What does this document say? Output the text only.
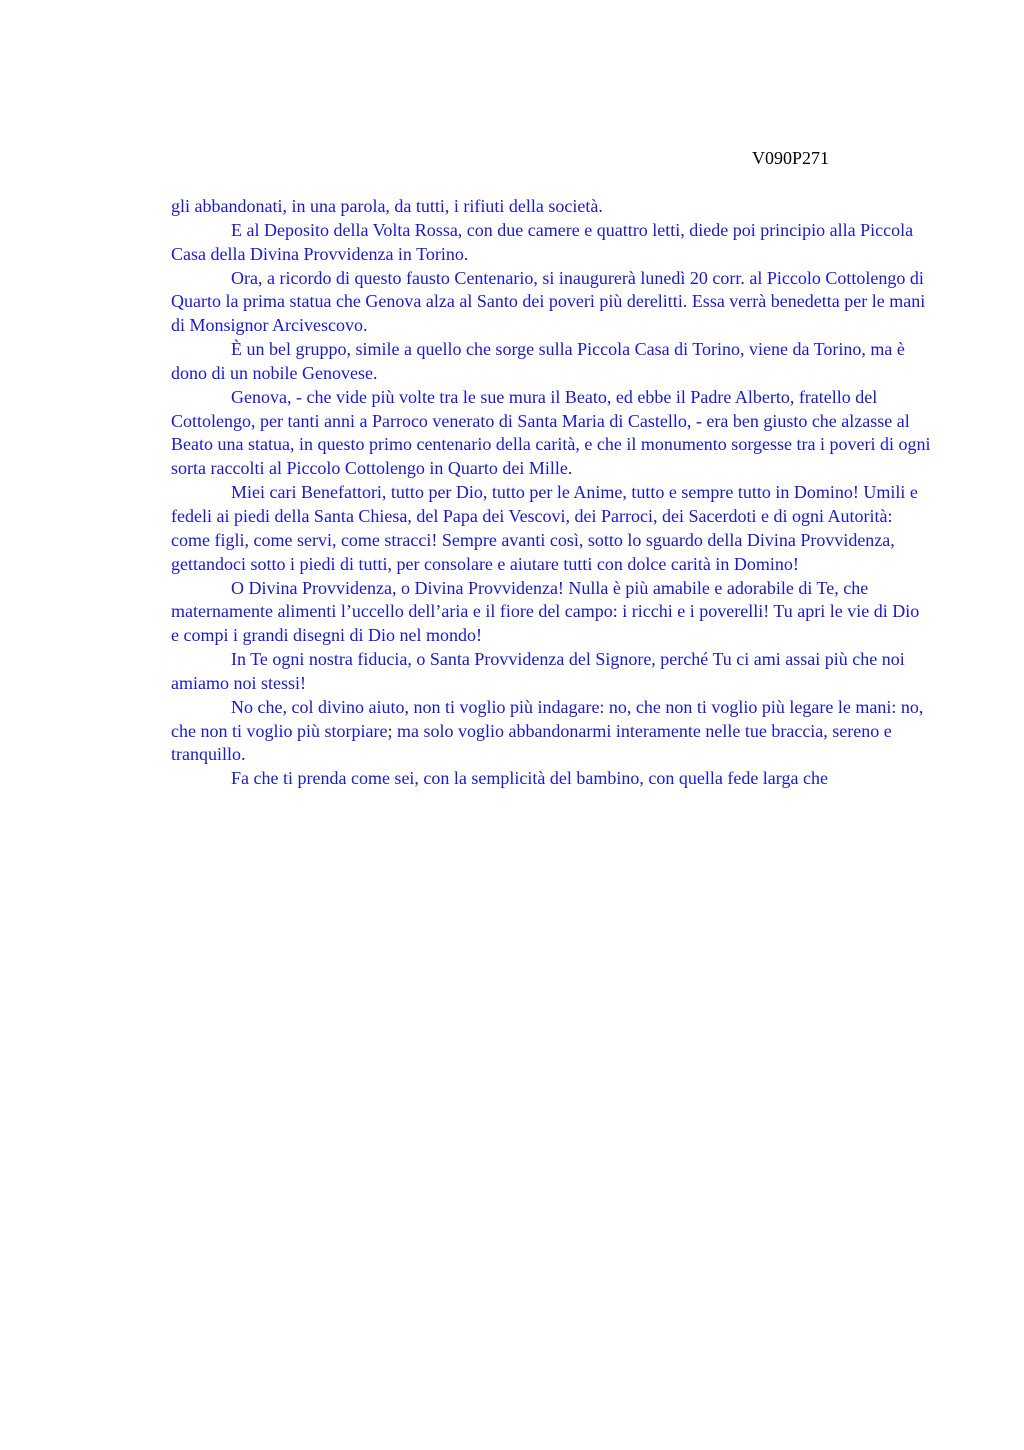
V090P271

gli abbandonati, in una parola, da tutti, i rifiuti della società.

E al Deposito della Volta Rossa, con due camere e quattro letti, diede poi principio alla Piccola Casa della Divina Provvidenza in Torino.

Ora, a ricordo di questo fausto Centenario, si inaugurerà lunedì 20 corr. al Piccolo Cottolengo di Quarto la prima statua che Genova alza al Santo dei poveri più derelitti. Essa verrà benedetta per le mani di Monsignor Arcivescovo.

È un bel gruppo, simile a quello che sorge sulla Piccola Casa di Torino, viene da Torino, ma è dono di un nobile Genovese.

Genova, - che vide più volte tra le sue mura il Beato, ed ebbe il Padre Alberto, fratello del Cottolengo, per tanti anni a Parroco venerato di Santa Maria di Castello, - era ben giusto che alzasse al Beato una statua, in questo primo centenario della carità, e che il monumento sorgesse tra i poveri di ogni sorta raccolti al Piccolo Cottolengo in Quarto dei Mille.

Miei cari Benefattori, tutto per Dio, tutto per le Anime, tutto e sempre tutto in Domino! Umili e fedeli ai piedi della Santa Chiesa, del Papa dei Vescovi, dei Parroci, dei Sacerdoti e di ogni Autorità: come figli, come servi, come stracci! Sempre avanti così, sotto lo sguardo della Divina Provvidenza, gettandoci sotto i piedi di tutti, per consolare e aiutare tutti con dolce carità in Domino!

O Divina Provvidenza, o Divina Provvidenza! Nulla è più amabile e adorabile di Te, che maternamente alimenti l’uccello dell’aria e il fiore del campo: i ricchi e i poverelli! Tu apri le vie di Dio e compi i grandi disegni di Dio nel mondo!

In Te ogni nostra fiducia, o Santa Provvidenza del Signore, perché Tu ci ami assai più che noi amiamo noi stessi!

No che, col divino aiuto, non ti voglio più indagare: no, che non ti voglio più legare le mani: no, che non ti voglio più storpiare; ma solo voglio abbandonarmi interamente nelle tue braccia, sereno e tranquillo.

Fa che ti prenda come sei, con la semplicità del bambino, con quella fede larga che
